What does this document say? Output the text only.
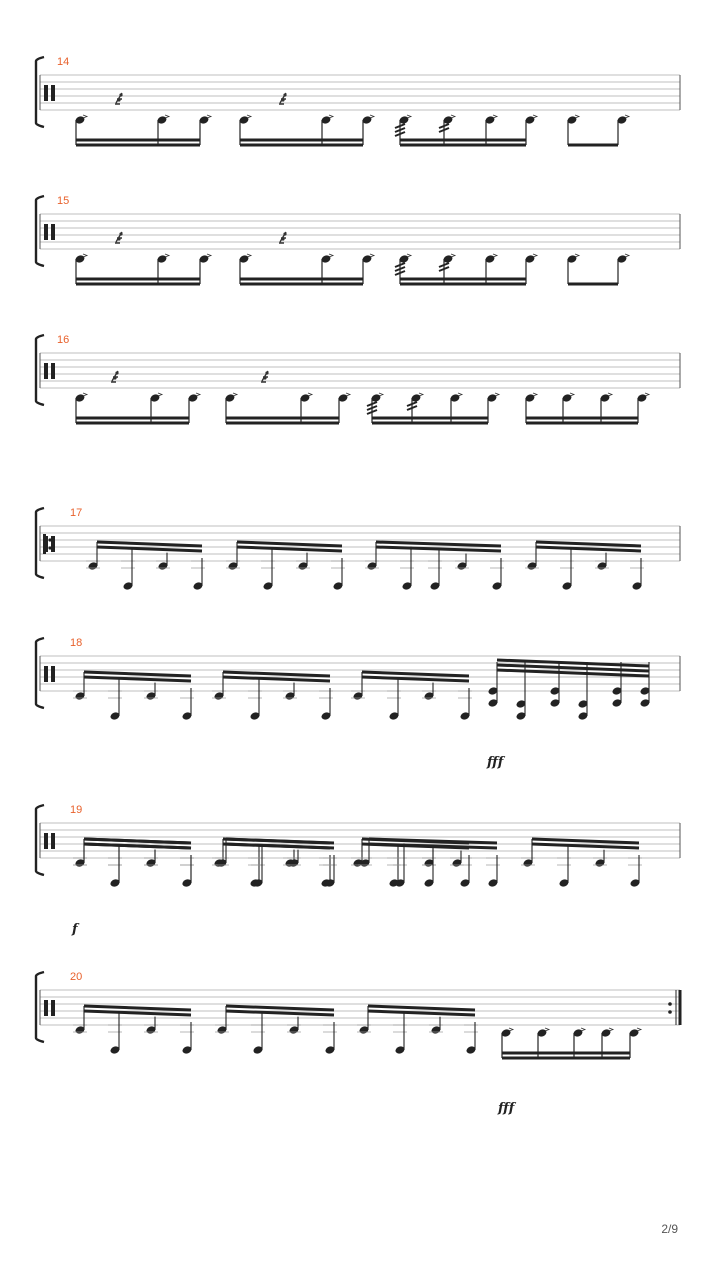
14
15
16
17
18
fff
19
f
20
fff
2/9
